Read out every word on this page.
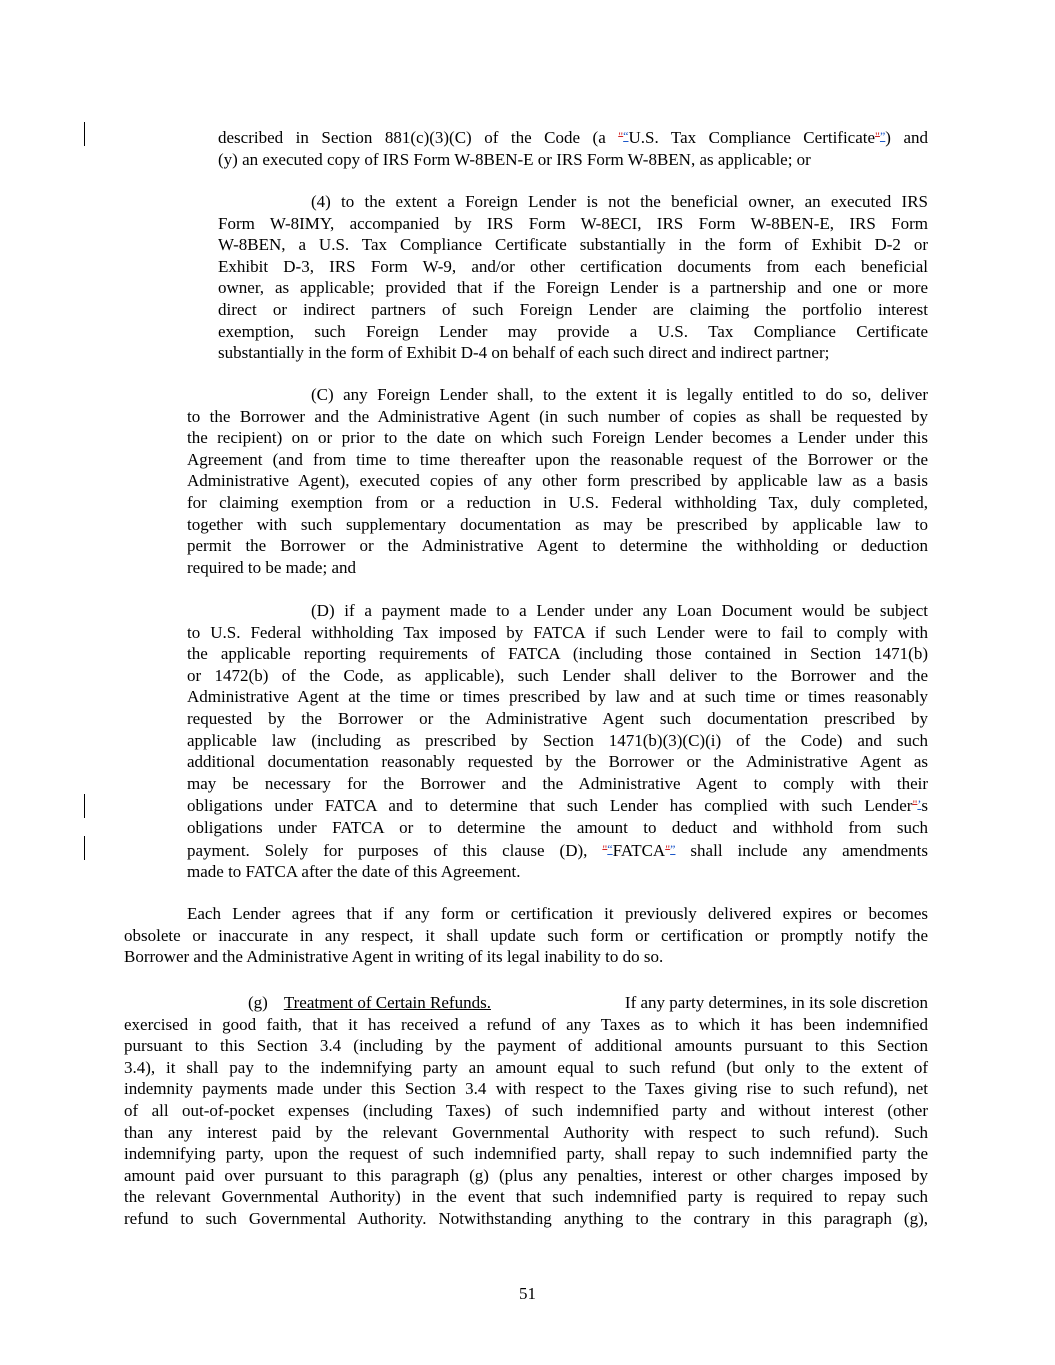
described in Section 881(c)(3)(C) of the Code (a "“U.S. Tax Compliance Certificate"”) and
(y) an executed copy of IRS Form W-8BEN-E or IRS Form W-8BEN, as applicable; or
(4) to the extent a Foreign Lender is not the beneficial owner, an executed IRS
Form W-8IMY, accompanied by IRS Form W-8ECI, IRS Form W-8BEN-E, IRS Form
W-8BEN, a U.S. Tax Compliance Certificate substantially in the form of Exhibit D-2 or
Exhibit D-3, IRS Form W-9, and/or other certification documents from each beneficial
owner, as applicable; provided that if the Foreign Lender is a partnership and one or more
direct or indirect partners of such Foreign Lender are claiming the portfolio interest
exemption, such Foreign Lender may provide a U.S. Tax Compliance Certificate
substantially in the form of Exhibit D-4 on behalf of each such direct and indirect partner;
(C) any Foreign Lender shall, to the extent it is legally entitled to do so, deliver
to the Borrower and the Administrative Agent (in such number of copies as shall be requested by
the recipient) on or prior to the date on which such Foreign Lender becomes a Lender under this
Agreement (and from time to time thereafter upon the reasonable request of the Borrower or the
Administrative Agent), executed copies of any other form prescribed by applicable law as a basis
for claiming exemption from or a reduction in U.S. Federal withholding Tax, duly completed,
together with such supplementary documentation as may be prescribed by applicable law to
permit the Borrower or the Administrative Agent to determine the withholding or deduction
required to be made; and
(D) if a payment made to a Lender under any Loan Document would be subject
to U.S. Federal withholding Tax imposed by FATCA if such Lender were to fail to comply with
the applicable reporting requirements of FATCA (including those contained in Section 1471(b)
or 1472(b) of the Code, as applicable), such Lender shall deliver to the Borrower and the
Administrative Agent at the time or times prescribed by law and at such time or times reasonably
requested by the Borrower or the Administrative Agent such documentation prescribed by
applicable law (including as prescribed by Section 1471(b)(3)(C)(i) of the Code) and such
additional documentation reasonably requested by the Borrower or the Administrative Agent as
may be necessary for the Borrower and the Administrative Agent to comply with their
obligations under FATCA and to determine that such Lender has complied with such Lender"’s
obligations under FATCA or to determine the amount to deduct and withhold from such
payment. Solely for purposes of this clause (D), "“FATCA"” shall include any amendments
made to FATCA after the date of this Agreement.
Each Lender agrees that if any form or certification it previously delivered expires or becomes
obsolete or inaccurate in any respect, it shall update such form or certification or promptly notify the
Borrower and the Administrative Agent in writing of its legal inability to do so.
(g) Treatment of Certain Refunds.	If any party determines, in its sole discretion
exercised in good faith, that it has received a refund of any Taxes as to which it has been indemnified
pursuant to this Section 3.4 (including by the payment of additional amounts pursuant to this Section
3.4), it shall pay to the indemnifying party an amount equal to such refund (but only to the extent of
indemnity payments made under this Section 3.4 with respect to the Taxes giving rise to such refund), net
of all out-of-pocket expenses (including Taxes) of such indemnified party and without interest (other
than any interest paid by the relevant Governmental Authority with respect to such refund). Such
indemnifying party, upon the request of such indemnified party, shall repay to such indemnified party the
amount paid over pursuant to this paragraph (g) (plus any penalties, interest or other charges imposed by
the relevant Governmental Authority) in the event that such indemnified party is required to repay such
refund to such Governmental Authority. Notwithstanding anything to the contrary in this paragraph (g),
51
